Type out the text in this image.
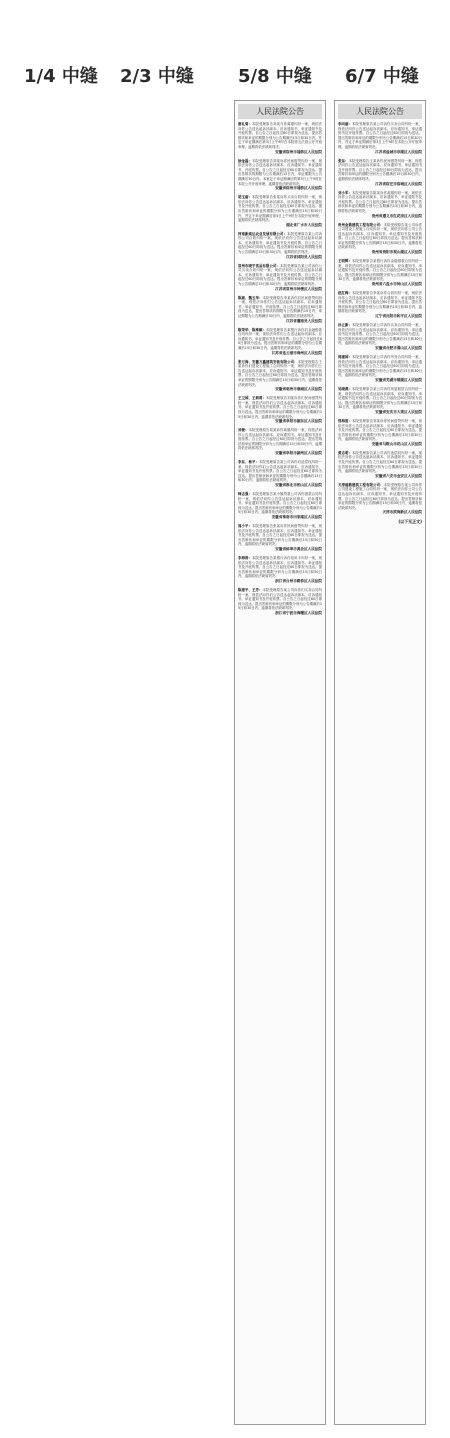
1/4 中缝 2/3 中缝 5/8 中缝 6/7 中缝
人民法院公告
唐礼菊：本院受理原告刘某与你离婚纠纷一案，现依法向你公告送达起诉状副本、应诉通知书、举证通知书及开庭传票。自公告之日起经过60日即视为送达。提出答辩状和举证的期限分别为公告期满后15日和30日内，并定于举证期满后第3日上午9时在本院第五法庭公开开庭审理，逾期将依法缺席判决。
安徽省宿州市埇桥区人民法院
徐金磊：本院受理原告刘某诉你民间借贷纠纷一案，现依法向你公告送达起诉状副本、应诉通知书、举证通知书、开庭传票。自公告之日起经过60日即视为送达。提出答辩状的期限为公告期满后15日内，举证期限为公告期满后30日内。本案定于举证期满后的第3日上午9时在本院公开开庭审理，逾期将依法缺席判决。
安徽省宿州市埇桥区人民法院
胡玉丽：本院受理原告张某诉你买卖合同纠纷一案，现依法向你公告送达起诉状副本、应诉通知书、举证通知书及开庭传票。自公告之日起经过60日即视为送达。提出答辩状和举证的期限分别为公告期满后15日和30日内，并定于举证期满后第3日上午9时在本院开庭审理，逾期将依法缺席判决。
湖北省广水市人民法院
河南新威达农业发展有限公司：本院受理原告某公司诉你公司合同纠纷一案，现依法向你公告送达起诉状副本、应诉通知书、举证通知书及开庭传票。自公告之日起经过60日即视为送达。提出答辩状和举证的期限分别为公告期满后15日和30日内，逾期将依法判决。
江苏省沭阳县人民法院
常州市晓宇食品有限公司：本院受理原告某公司诉你公司买卖合同纠纷一案，现依法向你公告送达起诉状副本、应诉通知书、举证通知书及开庭传票。自公告之日起经过60日即视为送达。提出答辩状和举证的期限分别为公告期满后15日和30日内，逾期将依法缺席判决。
江苏省常州市钟楼区人民法院
陈淑、魏玉华：本院受理原告李某诉你们民间借贷纠纷一案，现依法向你们公告送达起诉状副本、应诉通知书、举证通知书、开庭传票。自公告之日起经过60日即视为送达，提出答辩状的期限为公告期满后15日内，举证期限为公告期满后30日内，逾期将依法缺席判决。
江苏省灌南县人民法院
陈荣华、陈维颖：本院受理原告某银行诉你们金融借款合同纠纷一案，现依法向你们公告送达起诉状副本、应诉通知书、举证通知书及开庭传票。自公告之日起经过60日即视为送达。提出答辩状和举证的期限分别为公告期满后15日和30日内，逾期将依法缺席判决。
江苏省连云港市海州区人民法院
张万海、安徽万鑫建筑安装有限公司：本院受理原告王某诉你们建设工程施工合同纠纷一案，现依法向你们公告送达起诉状副本、应诉通知书、举证通知书及开庭传票。自公告之日起经过60日即视为送达。提出答辩状和举证的期限分别为公告期满后15日和30日内，逾期将依法缺席判决。
安徽省亳州市谯城区人民法院
王卫国、王莉莉：本院受理原告刘某诉你们民间借贷纠纷一案，现依法向你们公告送达起诉状副本、应诉通知书、举证通知书及开庭传票。自公告之日起经过60日即视为送达。提出答辩状和举证的期限分别为公告期满后15日和30日内，逾期将依法缺席判决。
安徽省阜阳市颍东区人民法院
刘俊：本院受理原告周某诉你离婚纠纷一案，现依法向你公告送达起诉状副本、应诉通知书、举证通知书及开庭传票。自公告之日起经过60日即视为送达。提出答辩状和举证的期限分别为公告期满后15日和30日内，逾期将依法缺席判决。
安徽省阜阳市颍州区人民法院
李东、杨平：本院受理原告某公司诉你们追偿权纠纷一案，现依法向你们公告送达起诉状副本、应诉通知书、举证通知书及开庭传票。自公告之日起经过60日即视为送达。提出答辩状和举证的期限分别为公告期满后15日和30日内，逾期将依法缺席判决。
安徽省淮北市相山区人民法院
韩志强：本院受理原告某小额贷款公司诉你借款合同纠纷一案，现依法向你公告送达起诉状副本、应诉通知书、举证通知书及开庭传票。自公告之日起经过60日即视为送达。提出答辩状和举证的期限分别为公告期满后15日和30日内，逾期将依法缺席判决。
安徽省淮南市田家庵区人民法院
周小平：本院受理原告张某诉你民间借贷纠纷一案，现依法向你公告送达起诉状副本、应诉通知书、举证通知书及开庭传票。自公告之日起经过60日即视为送达。提出答辩状和举证的期限分别为公告期满后15日和30日内，逾期将依法缺席判决。
安徽省蚌埠市禹会区人民法院
李海涛：本院受理原告某银行诉你信用卡纠纷一案，现依法向你公告送达起诉状副本、应诉通知书、举证通知书及开庭传票。自公告之日起经过60日即视为送达。提出答辩状和举证的期限分别为公告期满后15日和30日内，逾期将依法缺席判决。
浙江省台州市路桥区人民法院
陈建平、王芳：本院受理原告某公司诉你们买卖合同纠纷一案，现依法向你们公告送达起诉状副本、应诉通知书、举证通知书及开庭传票。自公告之日起经过60日即视为送达。提出答辩状和举证的期限分别为公告期满后15日和30日内，逾期将依法缺席判决。
浙江省宁波市海曙区人民法院
人民法院公告
李向丽：本院受理原告某公司诉你买卖合同纠纷一案，现依法向你公告送达起诉状副本、应诉通知书、举证通知书及开庭传票。自公告之日起经过60日即视为送达。提出答辩状和举证的期限分别为公告期满后15日和30日内，并定于举证期满后第3日上午9时在本院公开开庭审理，逾期将依法缺席判决。
江苏省盐城市亭湖区人民法院
张东：本院受理原告王某诉你民间借贷纠纷一案，现依法向你公告送达起诉状副本、应诉通知书、举证通知书及开庭传票。自公告之日起经过60日即视为送达。提出答辩状和举证的期限分别为公告期满后15日和30日内，逾期将依法缺席判决。
江苏省宿迁市宿城区人民法院
刘小军：本院受理原告陈某诉你离婚纠纷一案，现依法向你公告送达起诉状副本、应诉通知书、举证通知书及开庭传票。自公告之日起经过60日即视为送达。提出答辩状和举证的期限分别为公告期满后15日和30日内，逾期将依法缺席判决。
贵州省遵义市红花岗区人民法院
贵州金鼎建筑工程有限公司：本院受理原告某公司诉你公司建设工程施工合同纠纷一案，现依法向你公司公告送达起诉状副本、应诉通知书、举证通知书及开庭传票。自公告之日起经过60日即视为送达。提出答辩状和举证的期限分别为公告期满后15日和30日内，逾期将依法缺席判决。
贵州省贵阳市观山湖区人民法院
王明辉：本院受理原告某银行诉你金融借款合同纠纷一案，现依法向你公告送达起诉状副本、应诉通知书、举证通知书及开庭传票。自公告之日起经过60日即视为送达。提出答辩状和举证的期限分别为公告期满后15日和30日内，逾期将依法缺席判决。
贵州省六盘水市钟山区人民法院
赵红梅：本院受理原告李某诉你合同纠纷一案，现依法向你公告送达起诉状副本、应诉通知书、举证通知书及开庭传票。自公告之日起经过60日即视为送达。提出答辩状和举证的期限分别为公告期满后15日和30日内，逾期将依法缺席判决。
辽宁省沈阳市和平区人民法院
孙立新：本院受理原告某公司诉你买卖合同纠纷一案，现依法向你公告送达起诉状副本、应诉通知书、举证通知书及开庭传票。自公告之日起经过60日即视为送达。提出答辩状和举证的期限分别为公告期满后15日和30日内，逾期将依法缺席判决。
安徽省合肥市蜀山区人民法院
郭建国：本院受理原告某公司诉你劳务合同纠纷一案，现依法向你公告送达起诉状副本、应诉通知书、举证通知书及开庭传票。自公告之日起经过60日即视为送达。提出答辩状和举证的期限分别为公告期满后15日和30日内，逾期将依法缺席判决。
安徽省芜湖市镜湖区人民法院
吴晓燕：本院受理原告某公司诉你房屋租赁合同纠纷一案，现依法向你公告送达起诉状副本、应诉通知书、举证通知书及开庭传票。自公告之日起经过60日即视为送达。提出答辩状和举证的期限分别为公告期满后15日和30日内，逾期将依法缺席判决。
安徽省安庆市大观区人民法院
郑海波：本院受理原告刘某诉你民间借贷纠纷一案，现依法向你公告送达起诉状副本、应诉通知书、举证通知书及开庭传票。自公告之日起经过60日即视为送达。提出答辩状和举证的期限分别为公告期满后15日和30日内，逾期将依法缺席判决。
安徽省马鞍山市花山区人民法院
黄志明：本院受理原告某公司诉你追偿权纠纷一案，现依法向你公告送达起诉状副本、应诉通知书、举证通知书及开庭传票。自公告之日起经过60日即视为送达。提出答辩状和举证的期限分别为公告期满后15日和30日内，逾期将依法缺席判决。
安徽省六安市金安区人民法院
天津瑞鼎建筑工程有限公司：本院受理原告某公司诉你公司建设工程施工合同纠纷一案，现依法向你公司公告送达起诉状副本、应诉通知书、举证通知书及开庭传票。自公告之日起经过60日即视为送达。提出答辩状和举证的期限分别为公告期满后15日和30日内，逾期将依法缺席判决。
天津市滨海新区人民法院
(以下无正文)
